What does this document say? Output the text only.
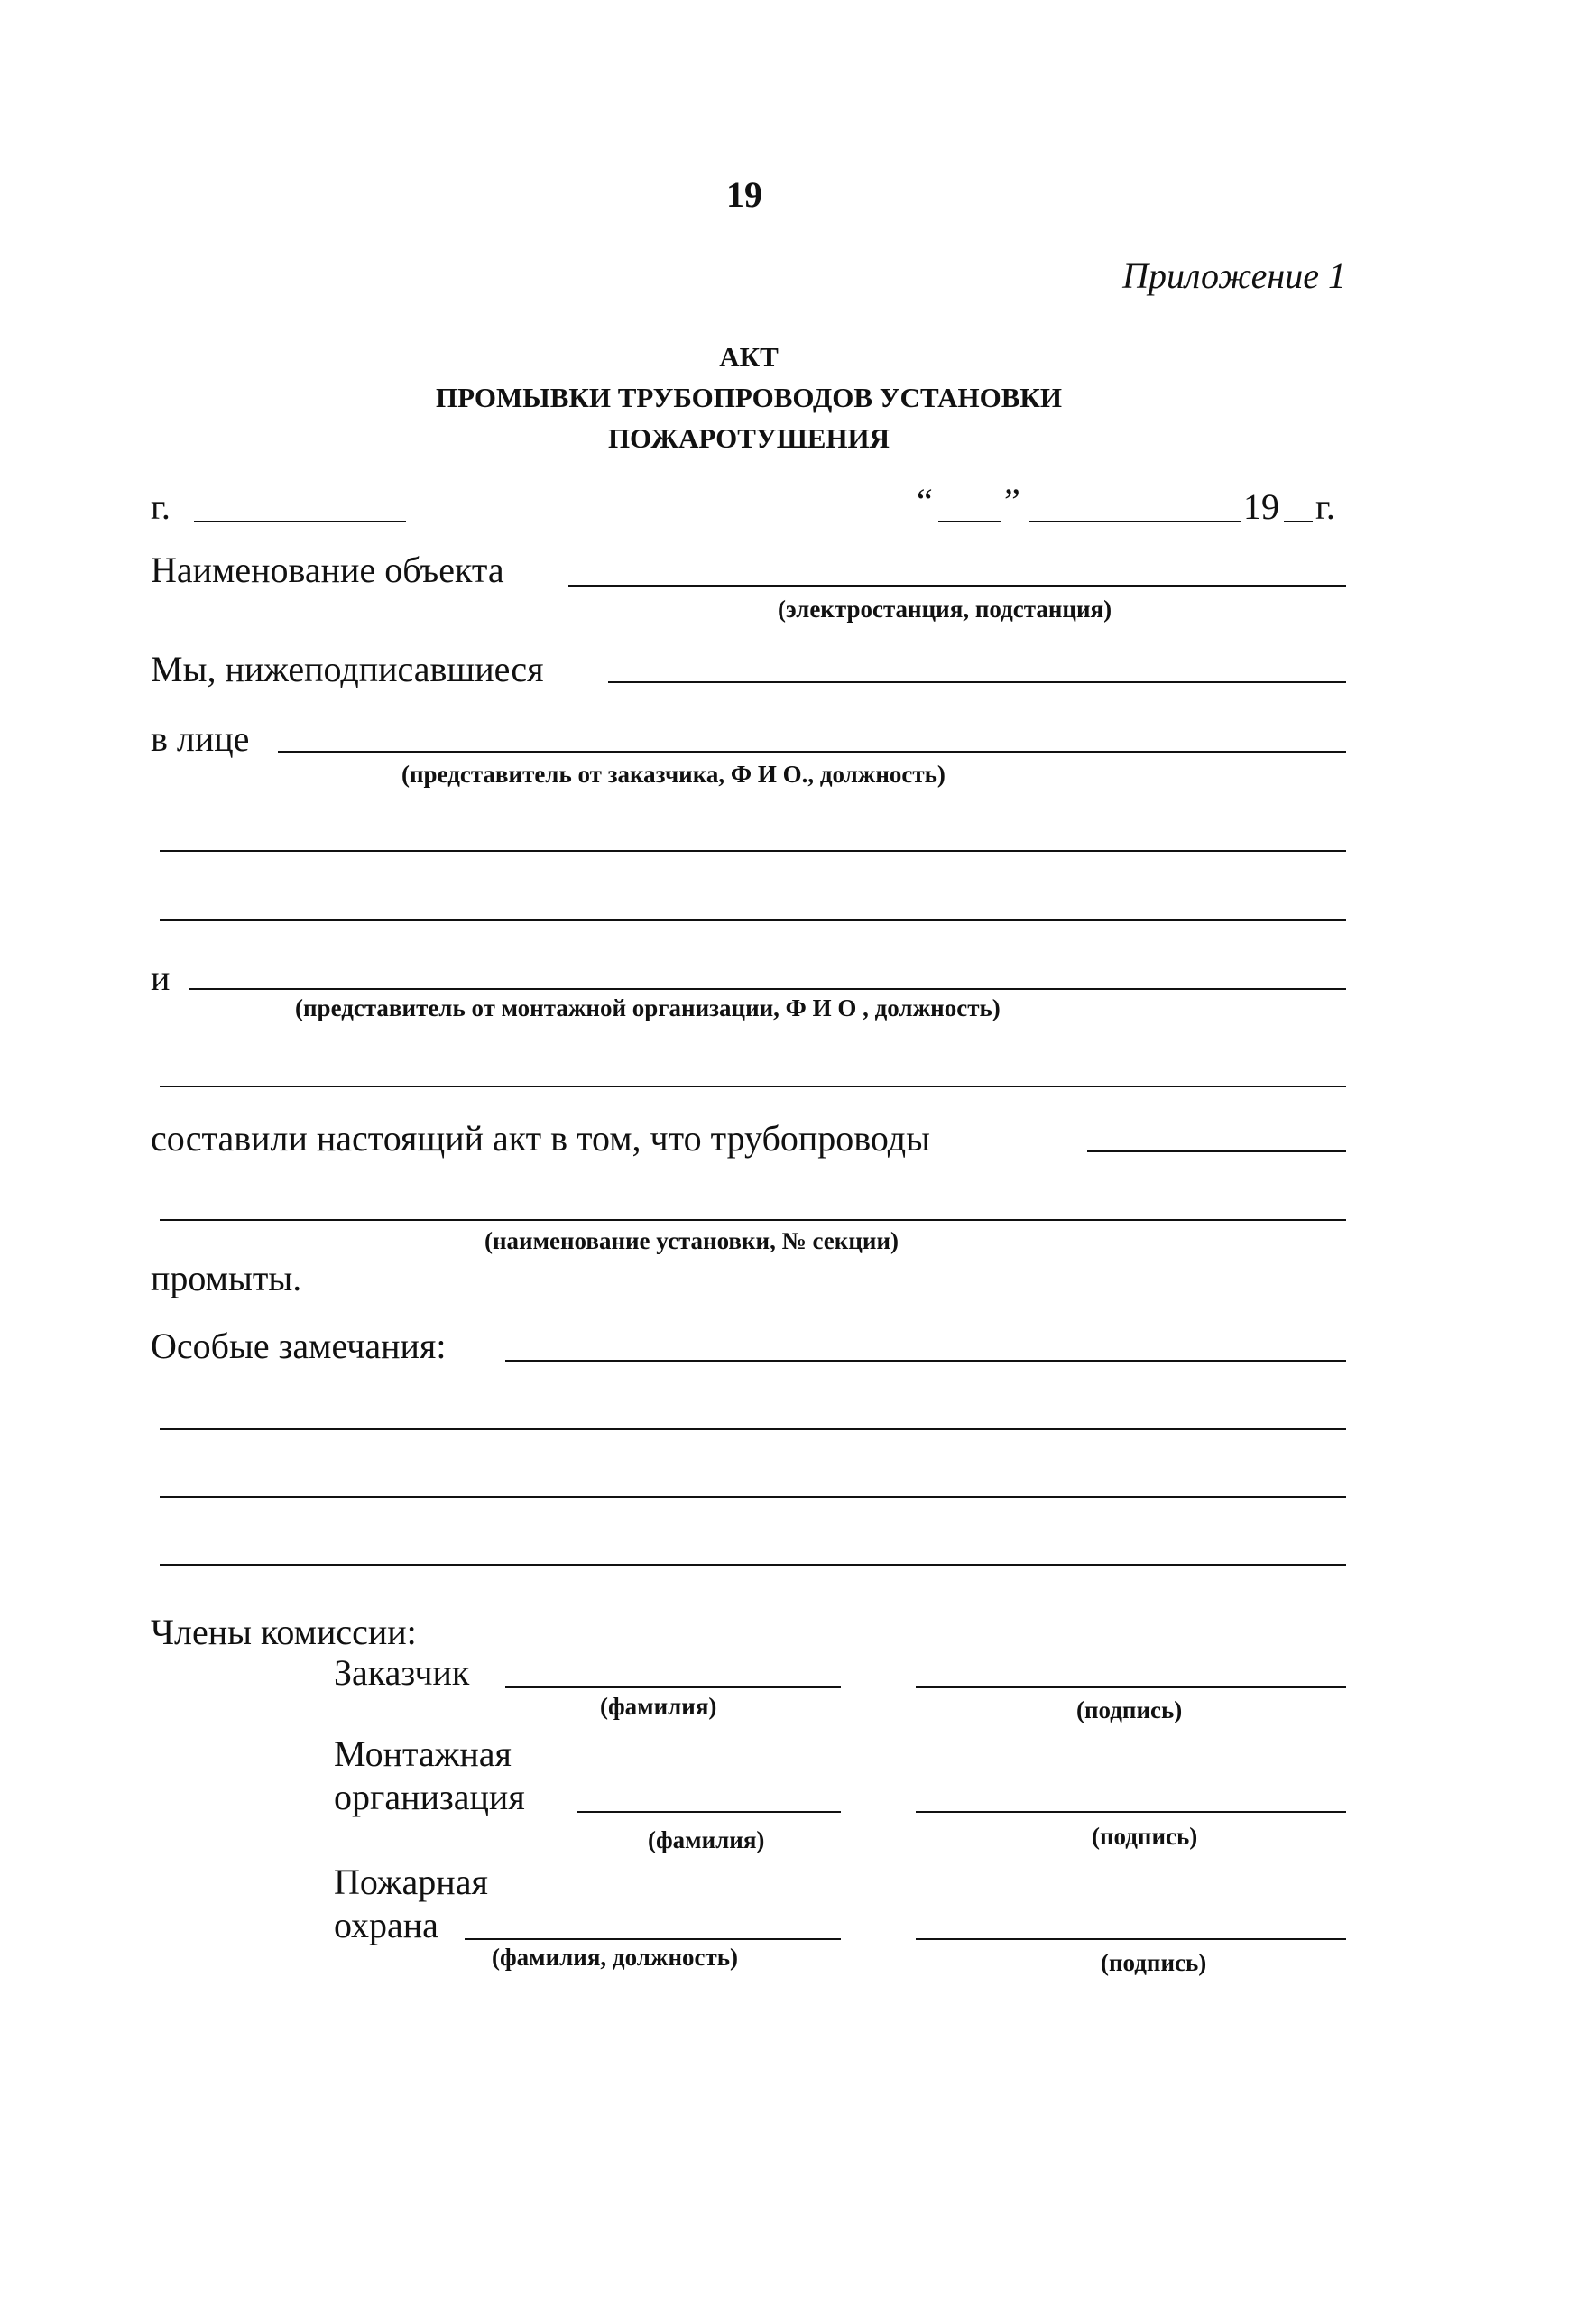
19
Приложение 1
АКТ
ПРОМЫВКИ ТРУБОПРОВОДОВ УСТАНОВКИ
ПОЖАРОТУШЕНИЯ
г.	“ ”	19 г.
Наименование объекта
(электростанция, подстанция)
Мы, нижеподписавшиеся
в лице
(представитель от заказчика, Ф И О., должность)
и
(представитель от монтажной организации, Ф И О , должность)
составили настоящий акт в том, что трубопроводы
(наименование установки, № секции)
промыты.
Особые замечания:
Члены комиссии:
Заказчик
(фамилия)	(подпись)
Монтажная
организация
(фамилия)	(подпись)
Пожарная
охрана
(фамилия, должность)	(подпись)
